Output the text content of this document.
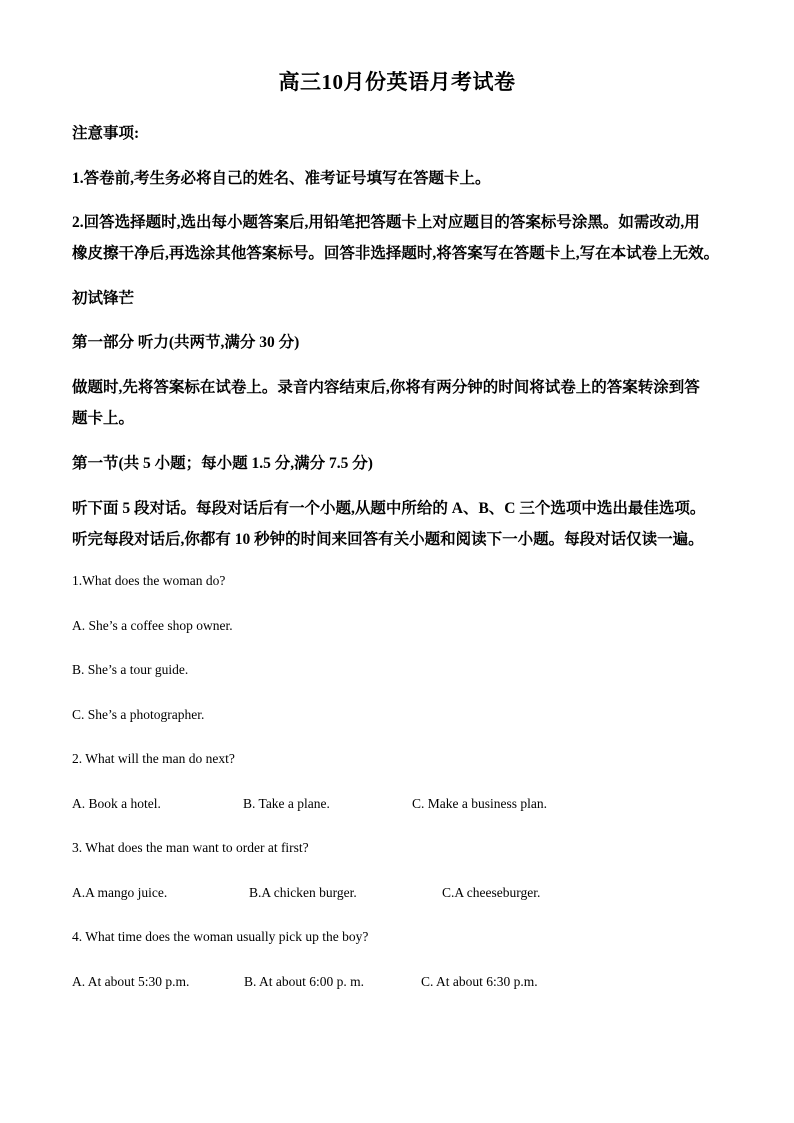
高三10月份英语月考试卷
注意事项:
1.答卷前,考生务必将自己的姓名、准考证号填写在答题卡上。
2.回答选择题时,选出每小题答案后,用铅笔把答题卡上对应题目的答案标号涂黑。如需改动,用
橡皮擦干净后,再选涂其他答案标号。回答非选择题时,将答案写在答题卡上,写在本试卷上无效。
初试锋芒
第一部分 听力(共两节,满分 30 分)
做题时,先将答案标在试卷上。录音内容结束后,你将有两分钟的时间将试卷上的答案转涂到答
题卡上。
第一节(共 5 小题；每小题 1.5 分,满分 7.5 分)
听下面 5 段对话。每段对话后有一个小题,从题中所给的 A、B、C 三个选项中选出最佳选项。
听完每段对话后,你都有 10 秒钟的时间来回答有关小题和阅读下一小题。每段对话仅读一遍。
1.What does the woman do?
A. She’s a coffee shop owner.
B. She’s a tour guide.
C. She’s a photographer.
2. What will the man do next?
A. Book a hotel.	B. Take a plane.	C. Make a business plan.
3. What does the man want to order at first?
A.A mango juice.	B.A chicken burger.	C.A cheeseburger.
4. What time does the woman usually pick up the boy?
A. At about 5:30 p.m.	B. At about 6:00 p. m.	C. At about 6:30 p.m.
